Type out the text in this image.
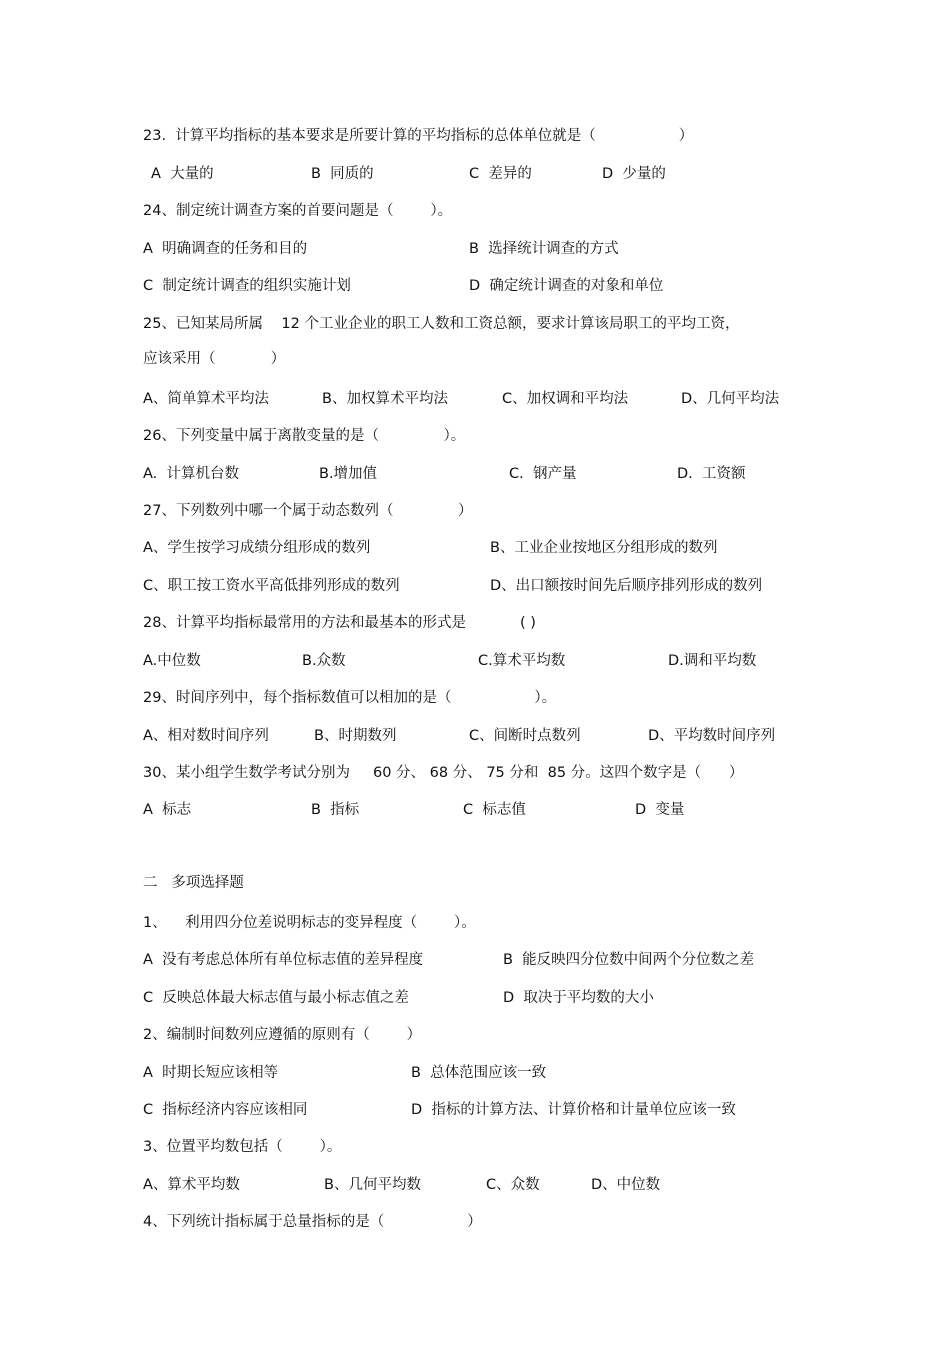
23.  计算平均指标的基本要求是所要计算的平均指标的总体单位就是（                  ）
A  大量的	B  同质的	C  差异的	D  少量的
24、制定统计调查方案的首要问题是（        ）。
A  明确调查的任务和目的	B  选择统计调查的方式
C  制定统计调查的组织实施计划	D  确定统计调查的对象和单位
25、已知某局所属    12 个工业企业的职工人数和工资总额，要求计算该局职工的平均工资，
应该采用（            ）
A、简单算术平均法	B、加权算术平均法	C、加权调和平均法	D、几何平均法
26、下列变量中属于离散变量的是（              ）。
A.  计算机台数	B.增加值	C.  钢产量	D.  工资额
27、下列数列中哪一个属于动态数列（              ）
A、学生按学习成绩分组形成的数列	B、工业企业按地区分组形成的数列
C、职工按工资水平高低排列形成的数列	D、出口额按时间先后顺序排列形成的数列
28、计算平均指标最常用的方法和最基本的形式是	( )
A.中位数	B.众数	C.算术平均数	D.调和平均数
29、时间序列中，每个指标数值可以相加的是（                  ）。
A、相对数时间序列	B、时期数列	C、间断时点数列	D、平均数时间序列
30、某小组学生数学考试分别为     60 分、 68 分、 75 分和  85 分。这四个数字是（      ）
A  标志	B  指标	C  标志值	D  变量
二   多项选择题
1、    利用四分位差说明标志的变异程度（        ）。
A  没有考虑总体所有单位标志值的差异程度	B  能反映四分位数中间两个分位数之差
C  反映总体最大标志值与最小标志值之差	D  取决于平均数的大小
2、编制时间数列应遵循的原则有（        ）
A  时期长短应该相等	B  总体范围应该一致
C  指标经济内容应该相同	D  指标的计算方法、计算价格和计量单位应该一致
3、位置平均数包括（        ）。
A、算术平均数	B、几何平均数	C、众数	D、中位数
4、下列统计指标属于总量指标的是（                  ）
